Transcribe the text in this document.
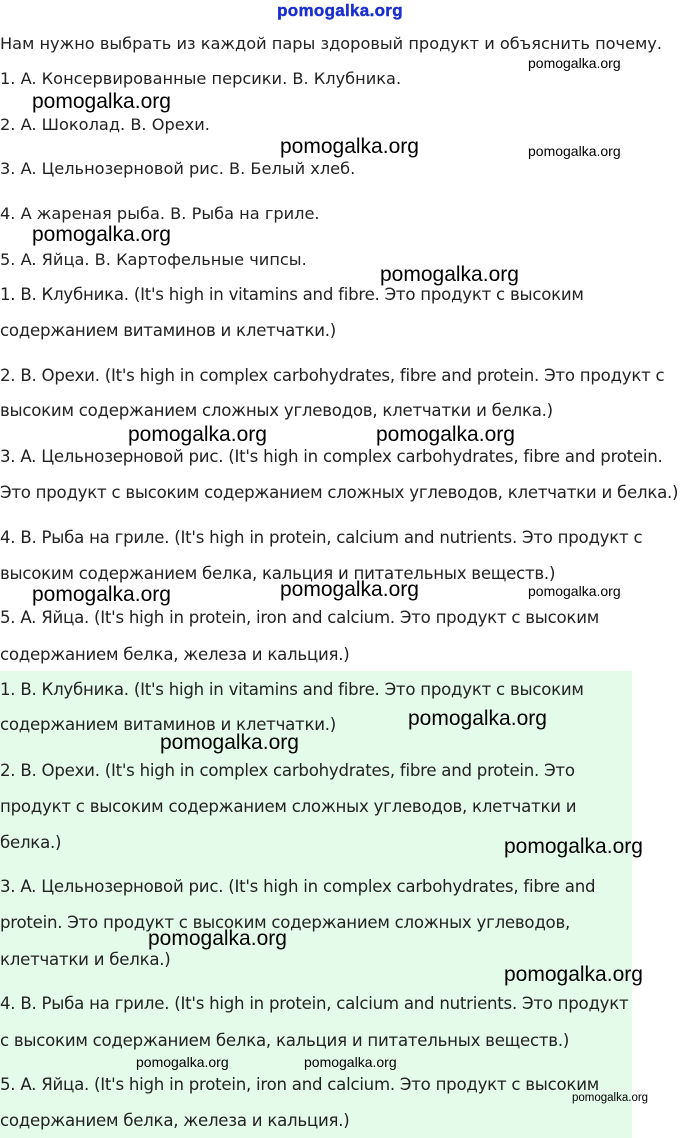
pomogalka.org
Нам нужно выбрать из каждой пары здоровый продукт и объяснить почему.
1. A. Консервированные персики. B. Клубника.
2. A. Шоколад. B. Орехи.
3. A. Цельнозерновой рис. B. Белый хлеб.
4. A жареная рыба. B. Рыба на гриле.
5. A. Яйца. B. Картофельные чипсы.
1. B. Клубника. (It's high in vitamins and fibre. Это продукт с высоким
содержанием витаминов и клетчатки.)
2. B. Орехи. (It's high in complex carbohydrates, fibre and protein. Это продукт с
высоким содержанием сложных углеводов, клетчатки и белка.)
3. A. Цельнозерновой рис. (It's high in complex carbohydrates, fibre and protein.
Это продукт с высоким содержанием сложных углеводов, клетчатки и белка.)
4. B. Рыба на гриле. (It's high in protein, calcium and nutrients. Это продукт с
высоким содержанием белка, кальция и питательных веществ.)
5. A. Яйца. (It's high in protein, iron and calcium. Это продукт с высоким
содержанием белка, железа и кальция.)
1. B. Клубника. (It's high in vitamins and fibre. Это продукт с высоким
содержанием витаминов и клетчатки.)
2. B. Орехи. (It's high in complex carbohydrates, fibre and protein. Это
продукт с высоким содержанием сложных углеводов, клетчатки и
белка.)
3. A. Цельнозерновой рис. (It's high in complex carbohydrates, fibre and
protein. Это продукт с высоким содержанием сложных углеводов,
клетчатки и белка.)
4. B. Рыба на гриле. (It's high in protein, calcium and nutrients. Это продукт
с высоким содержанием белка, кальция и питательных веществ.)
5. A. Яйца. (It's high in protein, iron and calcium. Это продукт с высоким
содержанием белка, железа и кальция.)
pomogalka.org
pomogalka.org
pomogalka.org	pomogalka.org
pomogalka.org
pomogalka.org
pomogalka.org	pomogalka.org
pomogalka.org
pomogalka.org	pomogalka.org
pomogalka.org
pomogalka.org
pomogalka.org
pomogalka.org
pomogalka.org
pomogalka.org	pomogalka.org
pomogalka.org
